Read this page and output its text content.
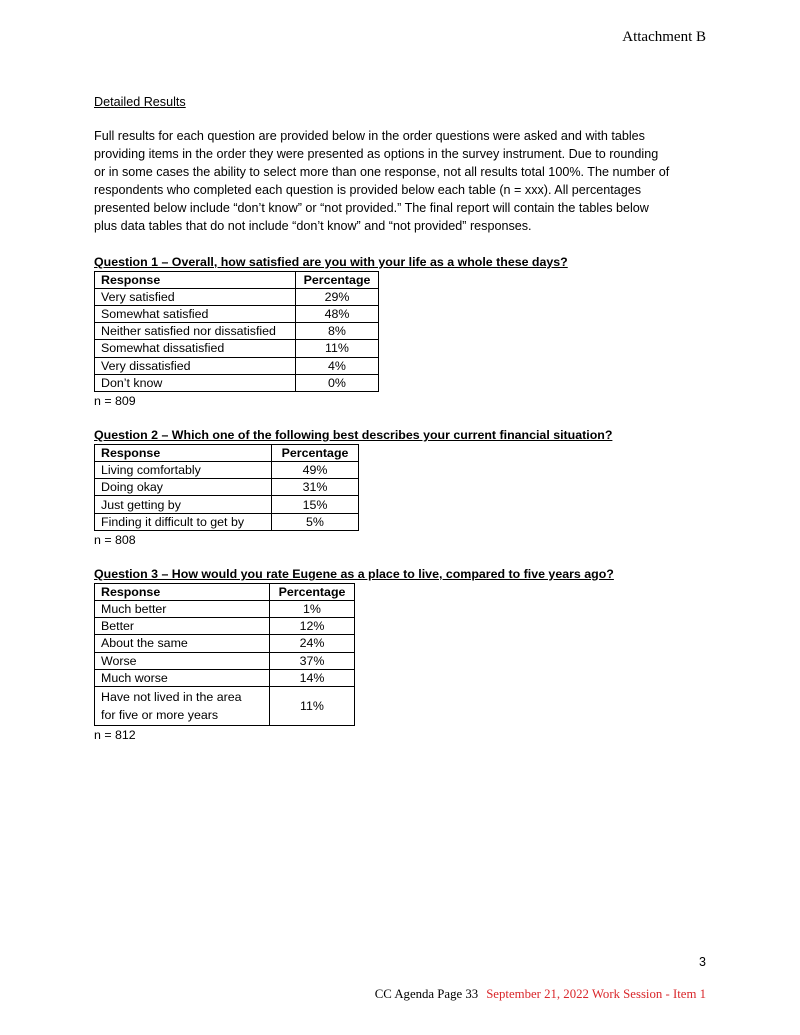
Attachment B

Detailed Results

Full results for each question are provided below in the order questions were asked and with tables
providing items in the order they were presented as options in the survey instrument. Due to rounding
or in some cases the ability to select more than one response, not all results total 100%. The number of
respondents who completed each question is provided below each table (n = xxx). All percentages
presented below include “don’t know” or “not provided.” The final report will contain the tables below
plus data tables that do not include “don’t know” and “not provided” responses.

Question 1 – Overall, how satisfied are you with your life as a whole these days?

Response	Percentage
Very satisfied	29%
Somewhat satisfied	48%
Neither satisfied nor dissatisfied	8%
Somewhat dissatisfied	11%
Very dissatisfied	4%
Don’t know	0%
n = 809

Question 2 – Which one of the following best describes your current financial situation?

Response	Percentage
Living comfortably	49%
Doing okay	31%
Just getting by	15%
Finding it difficult to get by	5%
n = 808

Question 3 – How would you rate Eugene as a place to live, compared to five years ago?

Response	Percentage
Much better	1%
Better	12%
About the same	24%
Worse	37%
Much worse	14%
Have not lived in the area
for five or more years	11%
n = 812
3
CC Agenda Page 33 September 21, 2022 Work Session - Item 1
